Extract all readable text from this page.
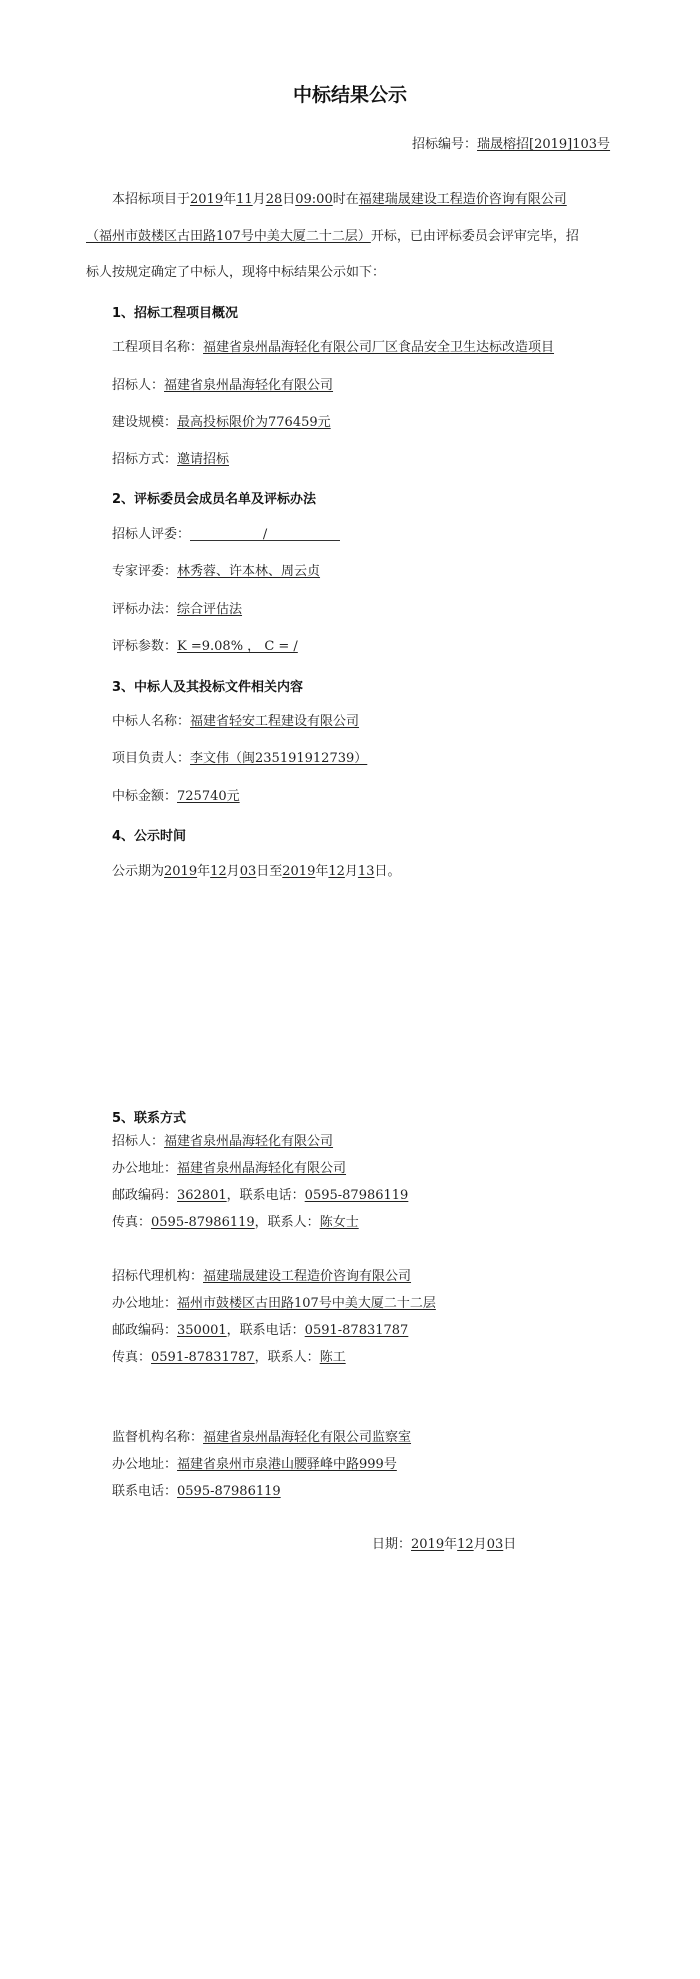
中标结果公示
招标编号：瑞晟榕招[2019]103号
本招标项目于2019年11月28日09:00时在福建瑞晟建设工程造价咨询有限公司
（福州市鼓楼区古田路107号中美大厦二十二层）开标，已由评标委员会评审完毕，招
标人按规定确定了中标人，现将中标结果公示如下：
1、招标工程项目概况
工程项目名称：福建省泉州晶海轻化有限公司厂区食品安全卫生达标改造项目
招标人：福建省泉州晶海轻化有限公司
建设规模：最高投标限价为776459元
招标方式：邀请招标
2、评标委员会成员名单及评标办法
招标人评委：	/
专家评委：林秀蓉、许本林、周云贞
评标办法：综合评估法
评标参数：K =9.08% ， C = /
3、中标人及其投标文件相关内容
中标人名称：福建省轻安工程建设有限公司
项目负责人：李文伟（闽235191912739）
中标金额：725740元
4、公示时间
公示期为2019年12月03日至2019年12月13日。
5、联系方式
招标人：福建省泉州晶海轻化有限公司
办公地址：福建省泉州晶海轻化有限公司
邮政编码：362801，联系电话：0595-87986119
传真：0595-87986119，联系人：陈女士
招标代理机构：福建瑞晟建设工程造价咨询有限公司
办公地址：福州市鼓楼区古田路107号中美大厦二十二层
邮政编码：350001，联系电话：0591-87831787
传真：0591-87831787，联系人：陈工
监督机构名称：福建省泉州晶海轻化有限公司监察室
办公地址：福建省泉州市泉港山腰驿峰中路999号
联系电话：0595-87986119
日期：2019年12月03日
